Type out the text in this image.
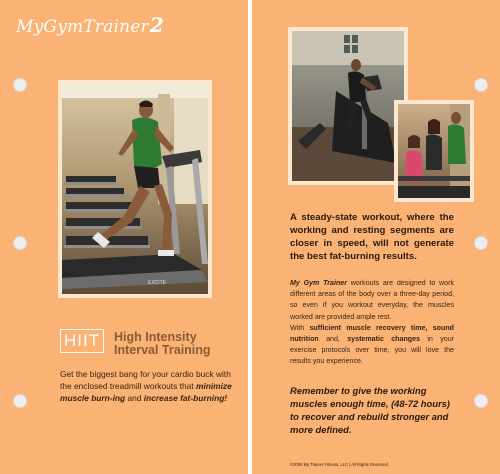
MyGymTrainer2
EXCITE
HIIT	High Intensity
Interval Training
Get the biggest bang for your cardio buck with the enclosed treadmill workouts that minimize muscle burn-ing and increase fat-burning!
A steady-state workout, where the working and resting segments are closer in speed, will not generate the best fat-burning results.

My Gym Trainer workouts are designed to work different areas of the body over a three-day period, so even if you workout everyday, the muscles worked are provided ample rest.

With sufficient muscle recovery time, sound nutrition and, systematic changes in your exercise protocols over time, you will love the results you experience.

Remember to give the working muscles enough time, (48-72 hours) to recover and rebuild stronger and more defined.
©2008 My Trainer Fitness, LLC | All Rights Reserved
